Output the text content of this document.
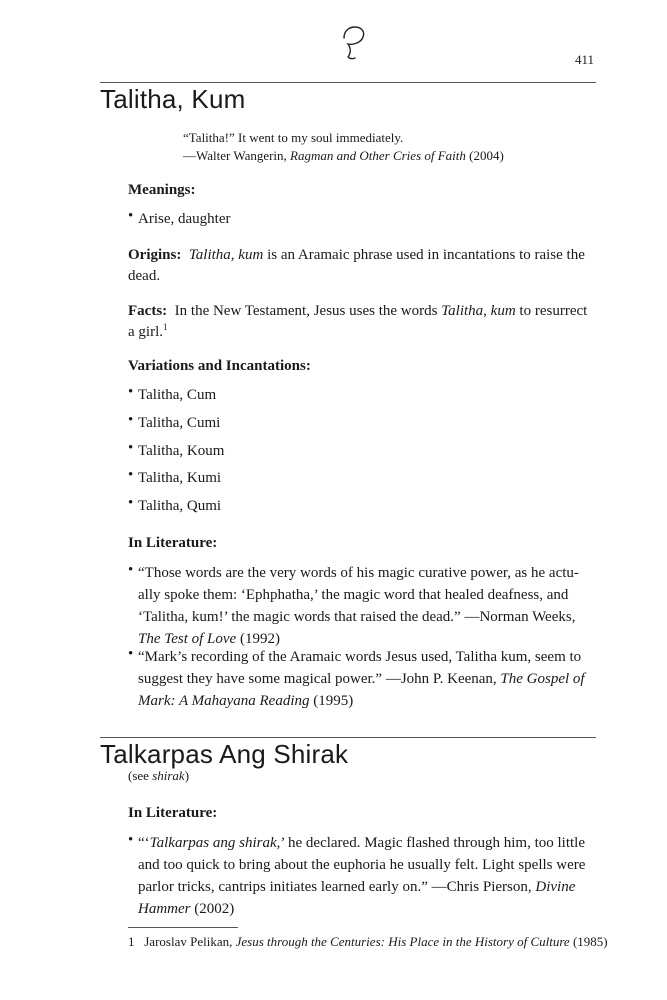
411
Talitha, Kum
“Talitha!” It went to my soul immediately.
—Walter Wangerin, Ragman and Other Cries of Faith (2004)
Meanings:
• Arise, daughter
Origins: Talitha, kum is an Aramaic phrase used in incantations to raise the
dead.
Facts: In the New Testament, Jesus uses the words Talitha, kum to resurrect
a girl.$^1$
Variations and Incantations:
• Talitha, Cum
• Talitha, Cumi
• Talitha, Koum
• Talitha, Kumi
• Talitha, Qumi
In Literature:
• “Those words are the very words of his magic curative power, as he actu-
ally spoke them: ‘Ephphatha,’ the magic word that healed deafness, and
‘Talitha, kum!’ the magic words that raised the dead.” —Norman Weeks,
The Test of Love (1992)
• “Mark’s recording of the Aramaic words Jesus used, Talitha kum, seem to
suggest they have some magical power.” —John P. Keenan, The Gospel of
Mark: A Mahayana Reading (1995)
Talkarpas Ang Shirak
(see shirak)
In Literature:
• “‘Talkarpas ang shirak,’ he declared. Magic flashed through him, too little
and too quick to bring about the euphoria he usually felt. Light spells were
parlor tricks, cantrips initiates learned early on.” —Chris Pierson, Divine
Hammer (2002)
1 Jaroslav Pelikan, Jesus through the Centuries: His Place in the History of Culture (1985)
